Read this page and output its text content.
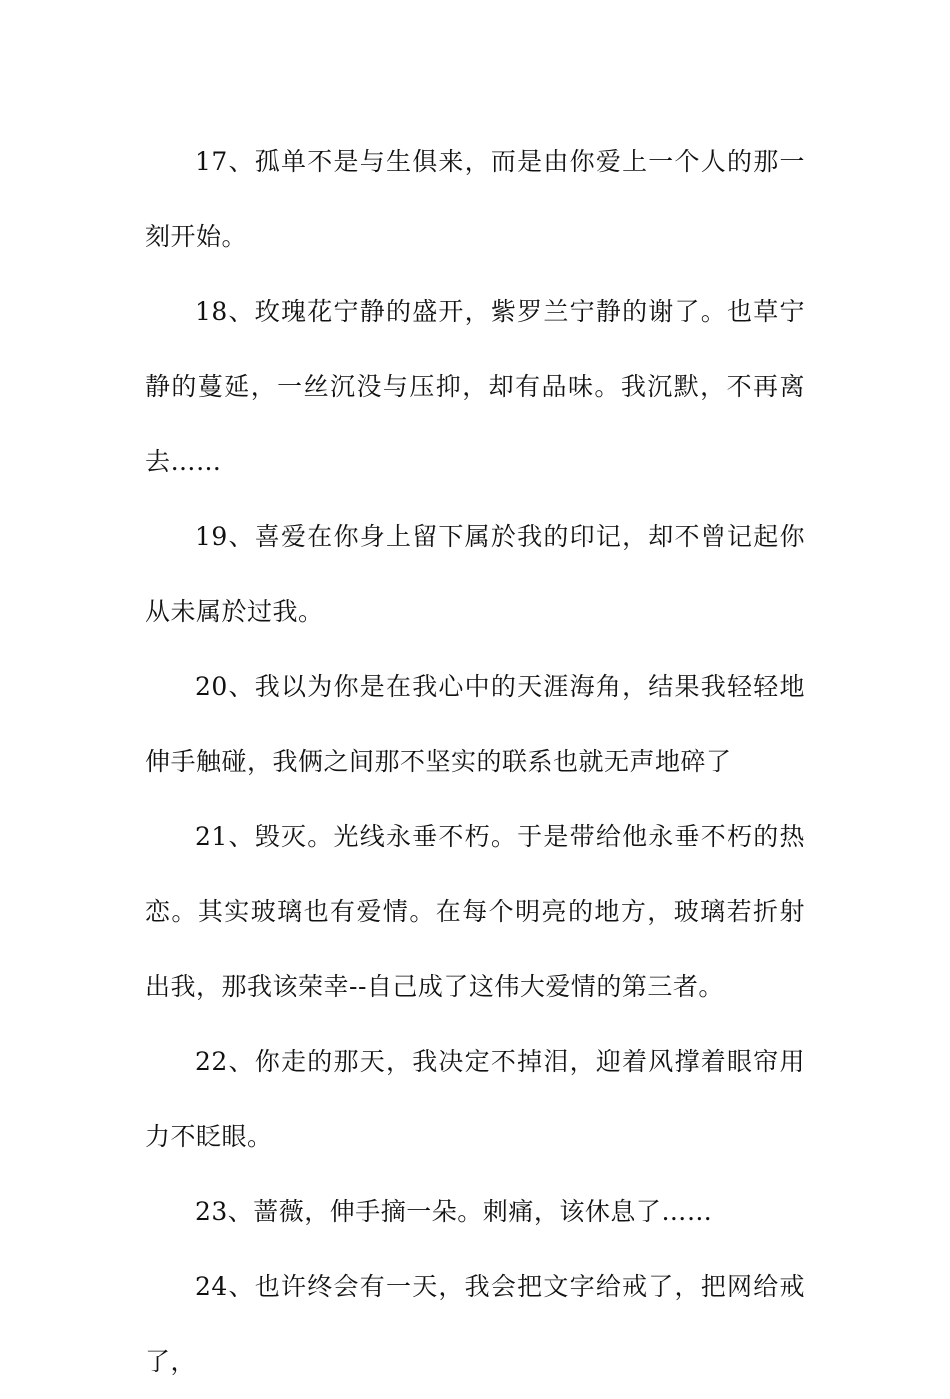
17、孤单不是与生俱来，而是由你爱上一个人的那一刻开始。

18、玫瑰花宁静的盛开，紫罗兰宁静的谢了。也草宁静的蔓延，一丝沉没与压抑，却有品味。我沉默，不再离去……

19、喜爱在你身上留下属於我的印记，却不曾记起你从未属於过我。

20、我以为你是在我心中的天涯海角，结果我轻轻地伸手触碰，我俩之间那不坚实的联系也就无声地碎了

21、毁灭。光线永垂不朽。于是带给他永垂不朽的热恋。其实玻璃也有爱情。在每个明亮的地方，玻璃若折射出我，那我该荣幸--自己成了这伟大爱情的第三者。

22、你走的那天，我决定不掉泪，迎着风撑着眼帘用力不眨眼。

23、蔷薇，伸手摘一朵。刺痛，该休息了……

24、也许终会有一天，我会把文字给戒了，把网给戒了，
